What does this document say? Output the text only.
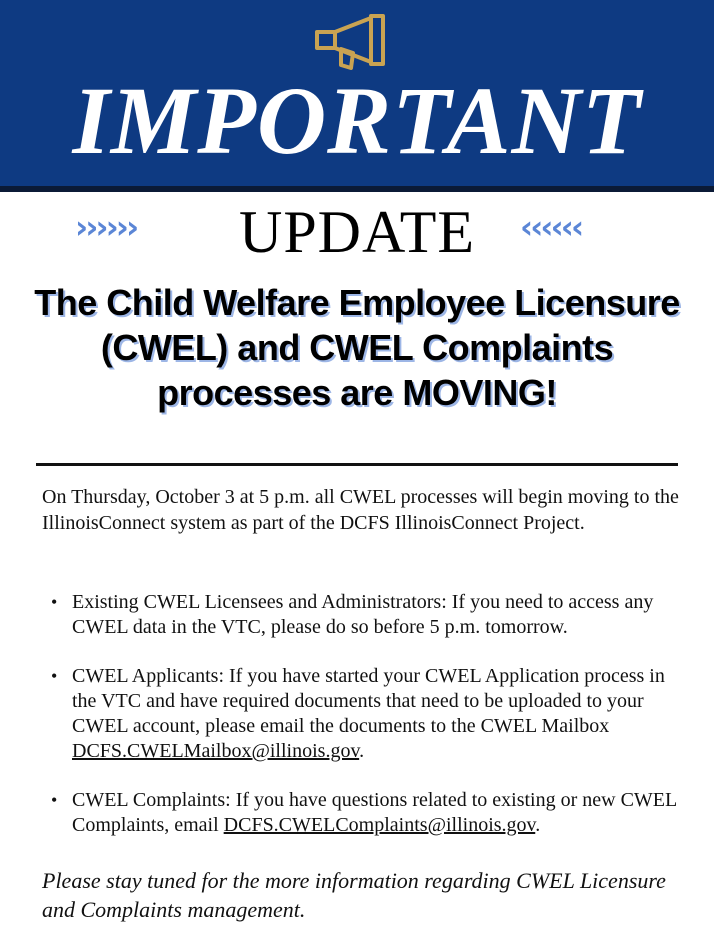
IMPORTANT
››››››	UPDATE	‹‹‹‹‹‹
The Child Welfare Employee Licensure (CWEL) and CWEL Complaints processes are MOVING!
On Thursday, October 3 at 5 p.m. all CWEL processes will begin moving to the IllinoisConnect system as part of the DCFS IllinoisConnect Project.
• Existing CWEL Licensees and Administrators: If you need to access any CWEL data in the VTC, please do so before 5 p.m. tomorrow.
• CWEL Applicants: If you have started your CWEL Application process in the VTC and have required documents that need to be uploaded to your CWEL account, please email the documents to the CWEL Mailbox DCFS.CWELMailbox@illinois.gov.
• CWEL Complaints: If you have questions related to existing or new CWEL Complaints, email DCFS.CWELComplaints@illinois.gov.
Please stay tuned for the more information regarding CWEL Licensure and Complaints management.
